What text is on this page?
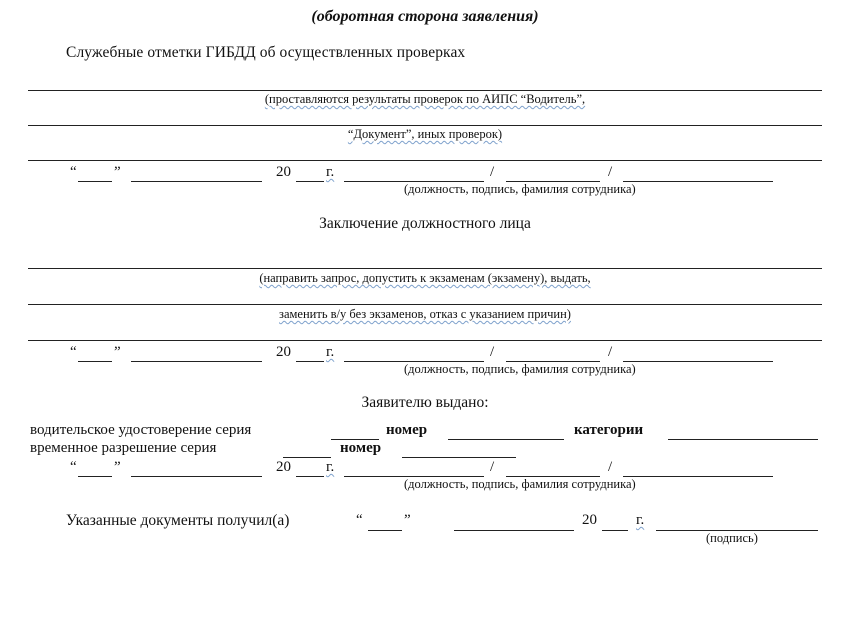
(оборотная сторона заявления)
Служебные отметки ГИБДД об осуществленных проверках
(проставляются результаты проверок по АИПС “Водитель”,
“Документ”, иных проверок)
“ ”	20 г.	/	/
(должность, подпись, фамилия сотрудника)
Заключение должностного лица
(направить запрос, допустить к экзаменам (экзамену), выдать,
заменить в/у без экзаменов, отказ с указанием причин)
“ ”	20 г.	/	/
(должность, подпись, фамилия сотрудника)
Заявителю выдано:
водительское удостоверение серия	номер	категории
временное разрешение серия	номер
“ ”	20 г.	/	/
(должность, подпись, фамилия сотрудника)
Указанные документы получил(а)	“	”	20	г.
(подпись)
